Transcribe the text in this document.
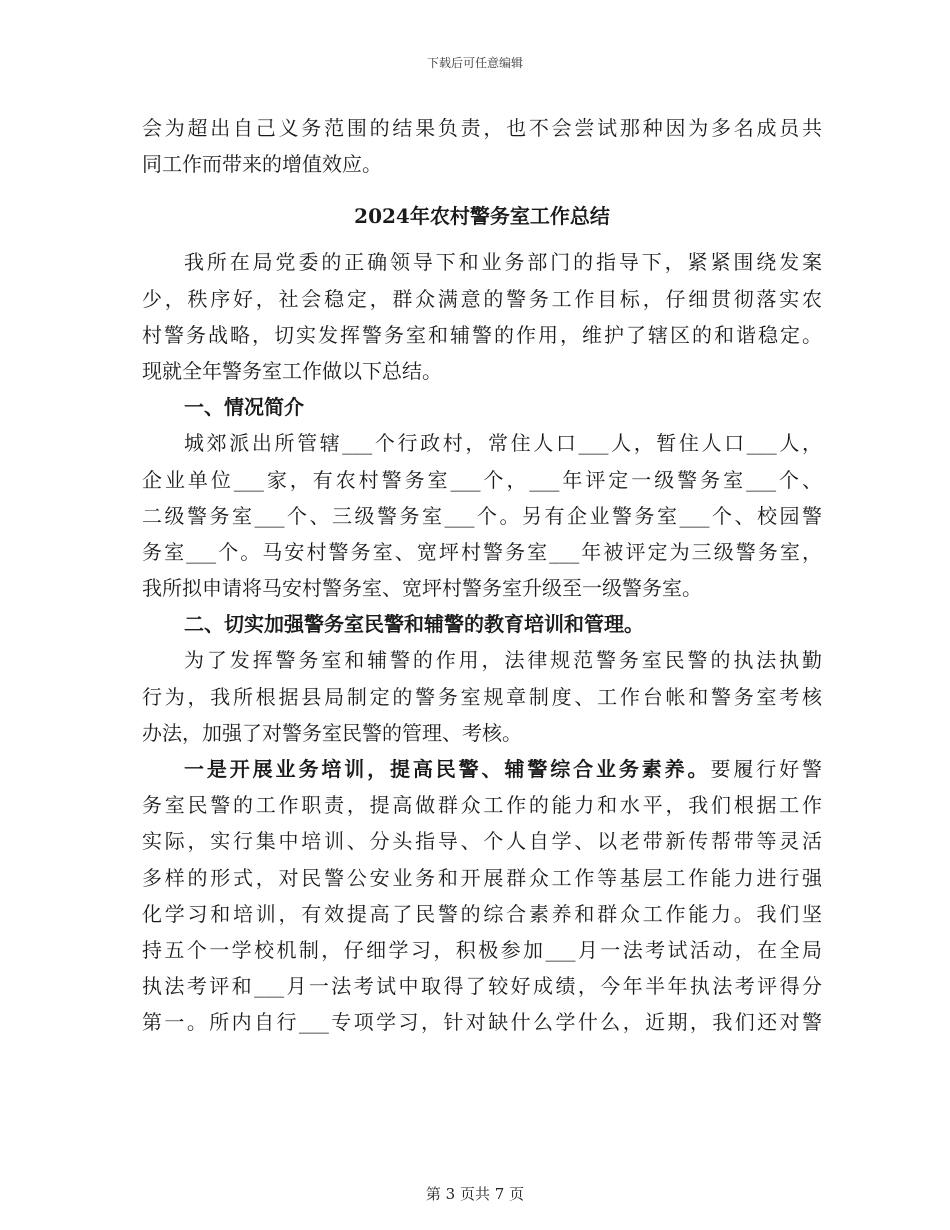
下载后可任意编辑
会为超出自己义务范围的结果负责，也不会尝试那种因为多名成员共
同工作而带来的增值效应。
2024年农村警务室工作总结
我所在局党委的正确领导下和业务部门的指导下，紧紧围绕发案
少，秩序好，社会稳定，群众满意的警务工作目标，仔细贯彻落实农
村警务战略，切实发挥警务室和辅警的作用，维护了辖区的和谐稳定。
现就全年警务室工作做以下总结。
一、情况简介
城郊派出所管辖___个行政村，常住人口___人，暂住人口___人，
企业单位___家，有农村警务室___个，___年评定一级警务室___个、
二级警务室___个、三级警务室___个。另有企业警务室___个、校园警
务室___个。马安村警务室、宽坪村警务室___年被评定为三级警务室，
我所拟申请将马安村警务室、宽坪村警务室升级至一级警务室。
二、切实加强警务室民警和辅警的教育培训和管理。
为了发挥警务室和辅警的作用，法律规范警务室民警的执法执勤
行为，我所根据县局制定的警务室规章制度、工作台帐和警务室考核
办法，加强了对警务室民警的管理、考核。
一是开展业务培训，提高民警、辅警综合业务素养。要履行好警
务室民警的工作职责，提高做群众工作的能力和水平，我们根据工作
实际，实行集中培训、分头指导、个人自学、以老带新传帮带等灵活
多样的形式，对民警公安业务和开展群众工作等基层工作能力进行强
化学习和培训，有效提高了民警的综合素养和群众工作能力。我们坚
持五个一学校机制，仔细学习，积极参加___月一法考试活动，在全局
执法考评和___月一法考试中取得了较好成绩，今年半年执法考评得分
第一。所内自行___专项学习，针对缺什么学什么，近期，我们还对警
第 3 页共 7 页
